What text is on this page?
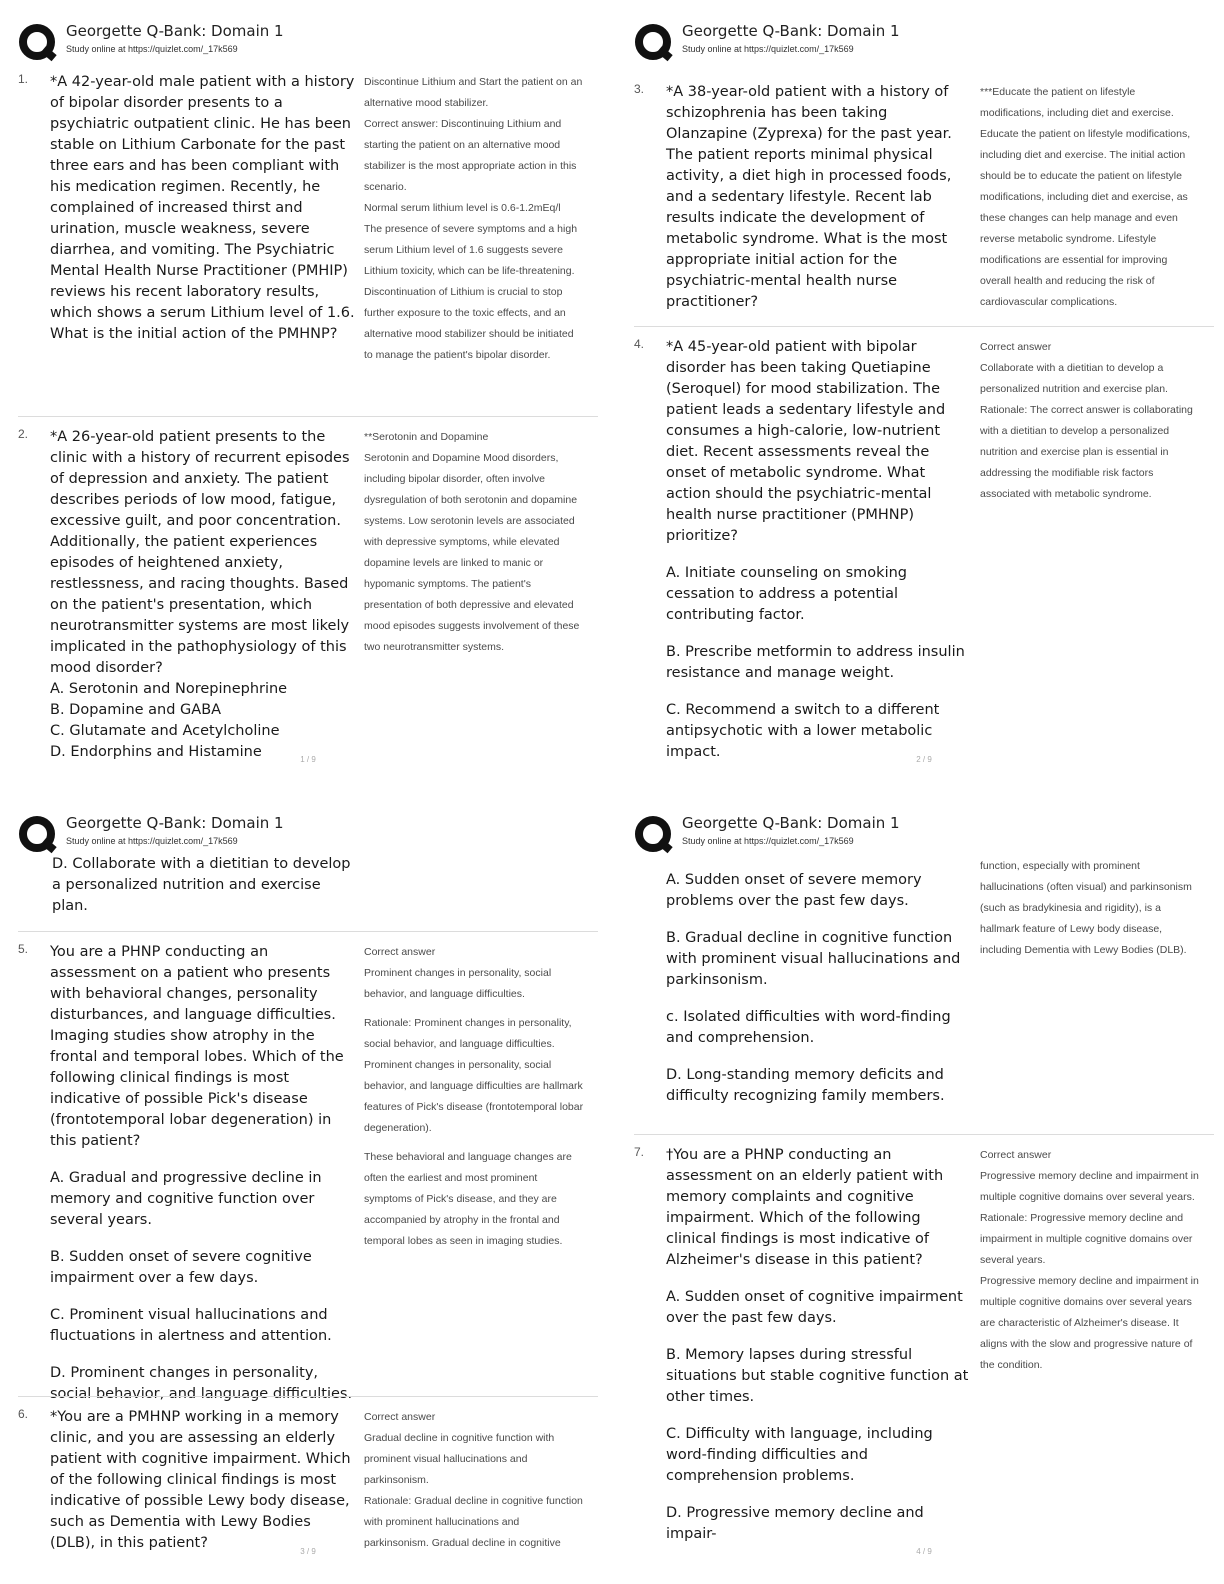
Georgette Q-Bank: Domain 1
Study online at https://quizlet.com/_17k569
1.	*A 42-year-old male patient with a history of bipolar disorder presents to a psychiatric outpatient clinic. He has been stable on Lithium Carbonate for the past three ears and has been compliant with his medication regimen. Recently, he complained of increased thirst and urination, muscle weakness, severe diarrhea, and vomiting. The Psychiatric Mental Health Nurse Practitioner (PMHIP) reviews his recent laboratory results, which shows a serum Lithium level of 1.6. What is the initial action of the PMHNP?
Discontinue Lithium and Start the patient on an alternative mood stabilizer.
Correct answer: Discontinuing Lithium and starting the patient on an alternative mood stabilizer is the most appropriate action in this scenario.
Normal serum lithium level is 0.6-1.2mEq/l
The presence of severe symptoms and a high serum Lithium level of 1.6 suggests severe Lithium toxicity, which can be life-threatening. Discontinuation of Lithium is crucial to stop further exposure to the toxic effects, and an alternative mood stabilizer should be initiated to manage the patient's bipolar disorder.
2.	*A 26-year-old patient presents to the clinic with a history of recurrent episodes of depression and anxiety. The patient describes periods of low mood, fatigue, excessive guilt, and poor concentration. Additionally, the patient experiences episodes of heightened anxiety, restlessness, and racing thoughts. Based on the patient's presentation, which neurotransmitter systems are most likely implicated in the pathophysiology of this mood disorder?
A. Serotonin and Norepinephrine
B. Dopamine and GABA
C. Glutamate and Acetylcholine
D. Endorphins and Histamine
**Serotonin and Dopamine
Serotonin and Dopamine Mood disorders, including bipolar disorder, often involve dysregulation of both serotonin and dopamine systems. Low serotonin levels are associated with depressive symptoms, while elevated dopamine levels are linked to manic or hypomanic symptoms. The patient's presentation of both depressive and elevated mood episodes suggests involvement of these two neurotransmitter systems.
1 / 9
Georgette Q-Bank: Domain 1
Study online at https://quizlet.com/_17k569
3.	*A 38-year-old patient with a history of schizophrenia has been taking Olanzapine (Zyprexa) for the past year. The patient reports minimal physical activity, a diet high in processed foods, and a sedentary lifestyle. Recent lab results indicate the development of metabolic syndrome. What is the most appropriate initial action for the psychiatric-mental health nurse practitioner?
***Educate the patient on lifestyle modifications, including diet and exercise.
Educate the patient on lifestyle modifications, including diet and exercise. The initial action should be to educate the patient on lifestyle modifications, including diet and exercise, as these changes can help manage and even reverse metabolic syndrome. Lifestyle modifications are essential for improving overall health and reducing the risk of cardiovascular complications.
4.	*A 45-year-old patient with bipolar disorder has been taking Quetiapine (Seroquel) for mood stabilization. The patient leads a sedentary lifestyle and consumes a high-calorie, low-nutrient diet. Recent assessments reveal the onset of metabolic syndrome. What action should the psychiatric-mental health nurse practitioner (PMHNP) prioritize?
A. Initiate counseling on smoking cessation to address a potential contributing factor.
B. Prescribe metformin to address insulin resistance and manage weight.
C. Recommend a switch to a different antipsychotic with a lower metabolic impact.
Correct answer
Collaborate with a dietitian to develop a personalized nutrition and exercise plan.
Rationale: The correct answer is collaborating with a dietitian to develop a personalized nutrition and exercise plan is essential in addressing the modifiable risk factors associated with metabolic syndrome.
2 / 9
Georgette Q-Bank: Domain 1
Study online at https://quizlet.com/_17k569
D. Collaborate with a dietitian to develop a personalized nutrition and exercise plan.
5.	You are a PHNP conducting an assessment on a patient who presents with behavioral changes, personality disturbances, and language difficulties. Imaging studies show atrophy in the frontal and temporal lobes. Which of the following clinical findings is most indicative of possible Pick's disease (frontotemporal lobar degeneration) in this patient?
A. Gradual and progressive decline in memory and cognitive function over several years.
B. Sudden onset of severe cognitive impairment over a few days.
C. Prominent visual hallucinations and fluctuations in alertness and attention.
D. Prominent changes in personality, social behavior, and language difficulties.
Correct answer
Prominent changes in personality, social behavior, and language difficulties.
Rationale: Prominent changes in personality, social behavior, and language difficulties. Prominent changes in personality, social behavior, and language difficulties are hallmark features of Pick's disease (frontotemporal lobar degeneration).
These behavioral and language changes are often the earliest and most prominent symptoms of Pick's disease, and they are accompanied by atrophy in the frontal and temporal lobes as seen in imaging studies.
6.	*You are a PMHNP working in a memory clinic, and you are assessing an elderly patient with cognitive impairment. Which of the following clinical findings is most indicative of possible Lewy body disease, such as Dementia with Lewy Bodies (DLB), in this patient?
Correct answer
Gradual decline in cognitive function with prominent visual hallucinations and parkinsonism.
Rationale: Gradual decline in cognitive function with prominent hallucinations and parkinsonism. Gradual decline in cognitive
3 / 9
Georgette Q-Bank: Domain 1
Study online at https://quizlet.com/_17k569
A. Sudden onset of severe memory problems over the past few days.
B. Gradual decline in cognitive function with prominent visual hallucinations and parkinsonism.
c. Isolated difficulties with word-finding and comprehension.
D. Long-standing memory deficits and difficulty recognizing family members.
function, especially with prominent hallucinations (often visual) and parkinsonism (such as bradykinesia and rigidity), is a hallmark feature of Lewy body disease, including Dementia with Lewy Bodies (DLB).
7.	†You are a PHNP conducting an assessment on an elderly patient with memory complaints and cognitive impairment. Which of the following clinical findings is most indicative of Alzheimer's disease in this patient?
A. Sudden onset of cognitive impairment over the past few days.
B. Memory lapses during stressful situations but stable cognitive function at other times.
C. Difficulty with language, including word-finding difficulties and comprehension problems.
D. Progressive memory decline and impair-
Correct answer
Progressive memory decline and impairment in multiple cognitive domains over several years.
Rationale: Progressive memory decline and impairment in multiple cognitive domains over several years.
Progressive memory decline and impairment in multiple cognitive domains over several years are characteristic of Alzheimer's disease. It aligns with the slow and progressive nature of the condition.
4 / 9
